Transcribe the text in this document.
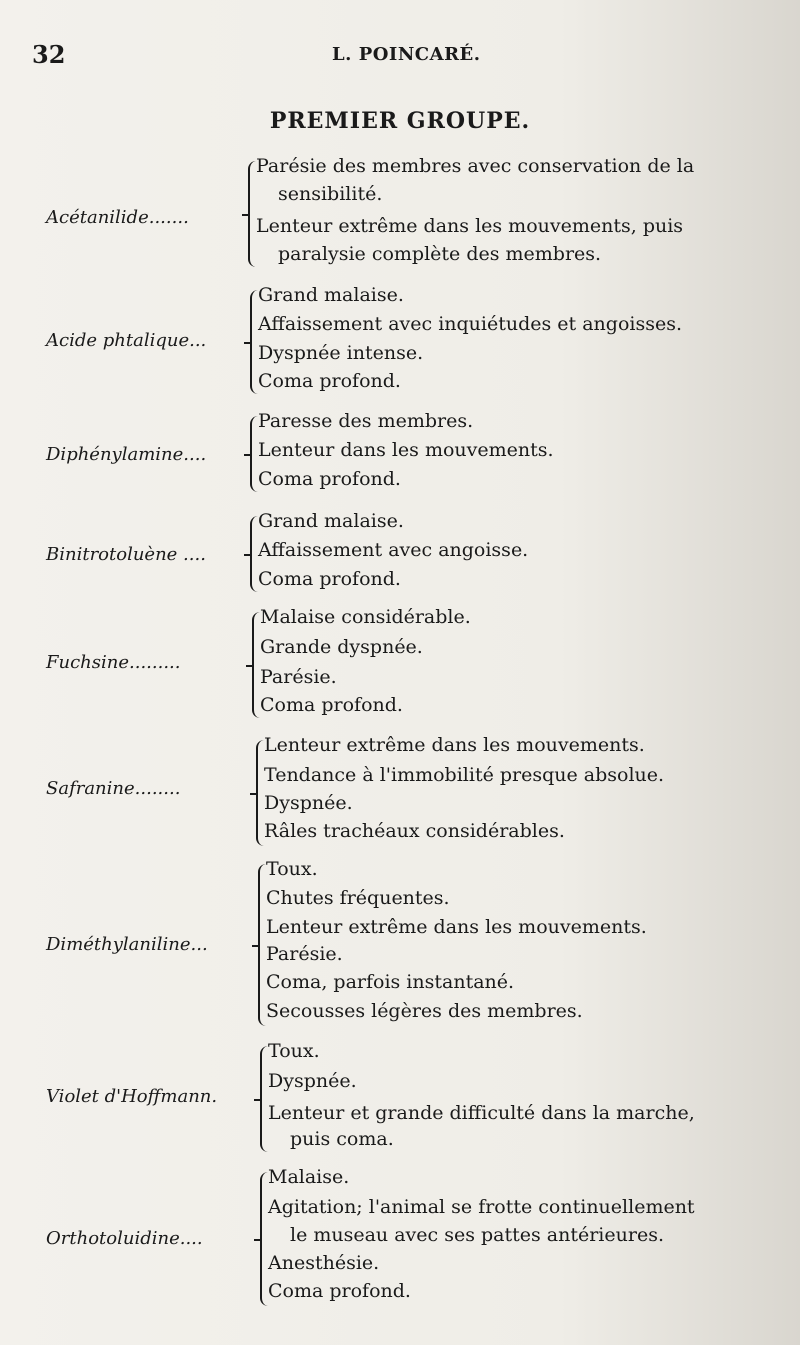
32	L. POINCARÉ.
PREMIER GROUPE.
Acétanilide.......
Parésie des membres avec conservation de la
sensibilité.
Lenteur extrême dans les mouvements, puis
paralysie complète des membres.
Acide phtalique...
Grand malaise.
Affaissement avec inquiétudes et angoisses.
Dyspnée intense.
Coma profond.
Diphénylamine....
Paresse des membres.
Lenteur dans les mouvements.
Coma profond.
Binitrotoluène ....
Grand malaise.
Affaissement avec angoisse.
Coma profond.
Fuchsine.........
Malaise considérable.
Grande dyspnée.
Parésie.
Coma profond.
Safranine........
Lenteur extrême dans les mouvements.
Tendance à l'immobilité presque absolue.
Dyspnée.
Râles trachéaux considérables.
Diméthylaniline...
Toux.
Chutes fréquentes.
Lenteur extrême dans les mouvements.
Parésie.
Coma, parfois instantané.
Secousses légères des membres.
Violet d'Hoffmann.
Toux.
Dyspnée.
Lenteur et grande difficulté dans la marche,
puis coma.
Orthotoluidine....
Malaise.
Agitation; l'animal se frotte continuellement
le museau avec ses pattes antérieures.
Anesthésie.
Coma profond.
